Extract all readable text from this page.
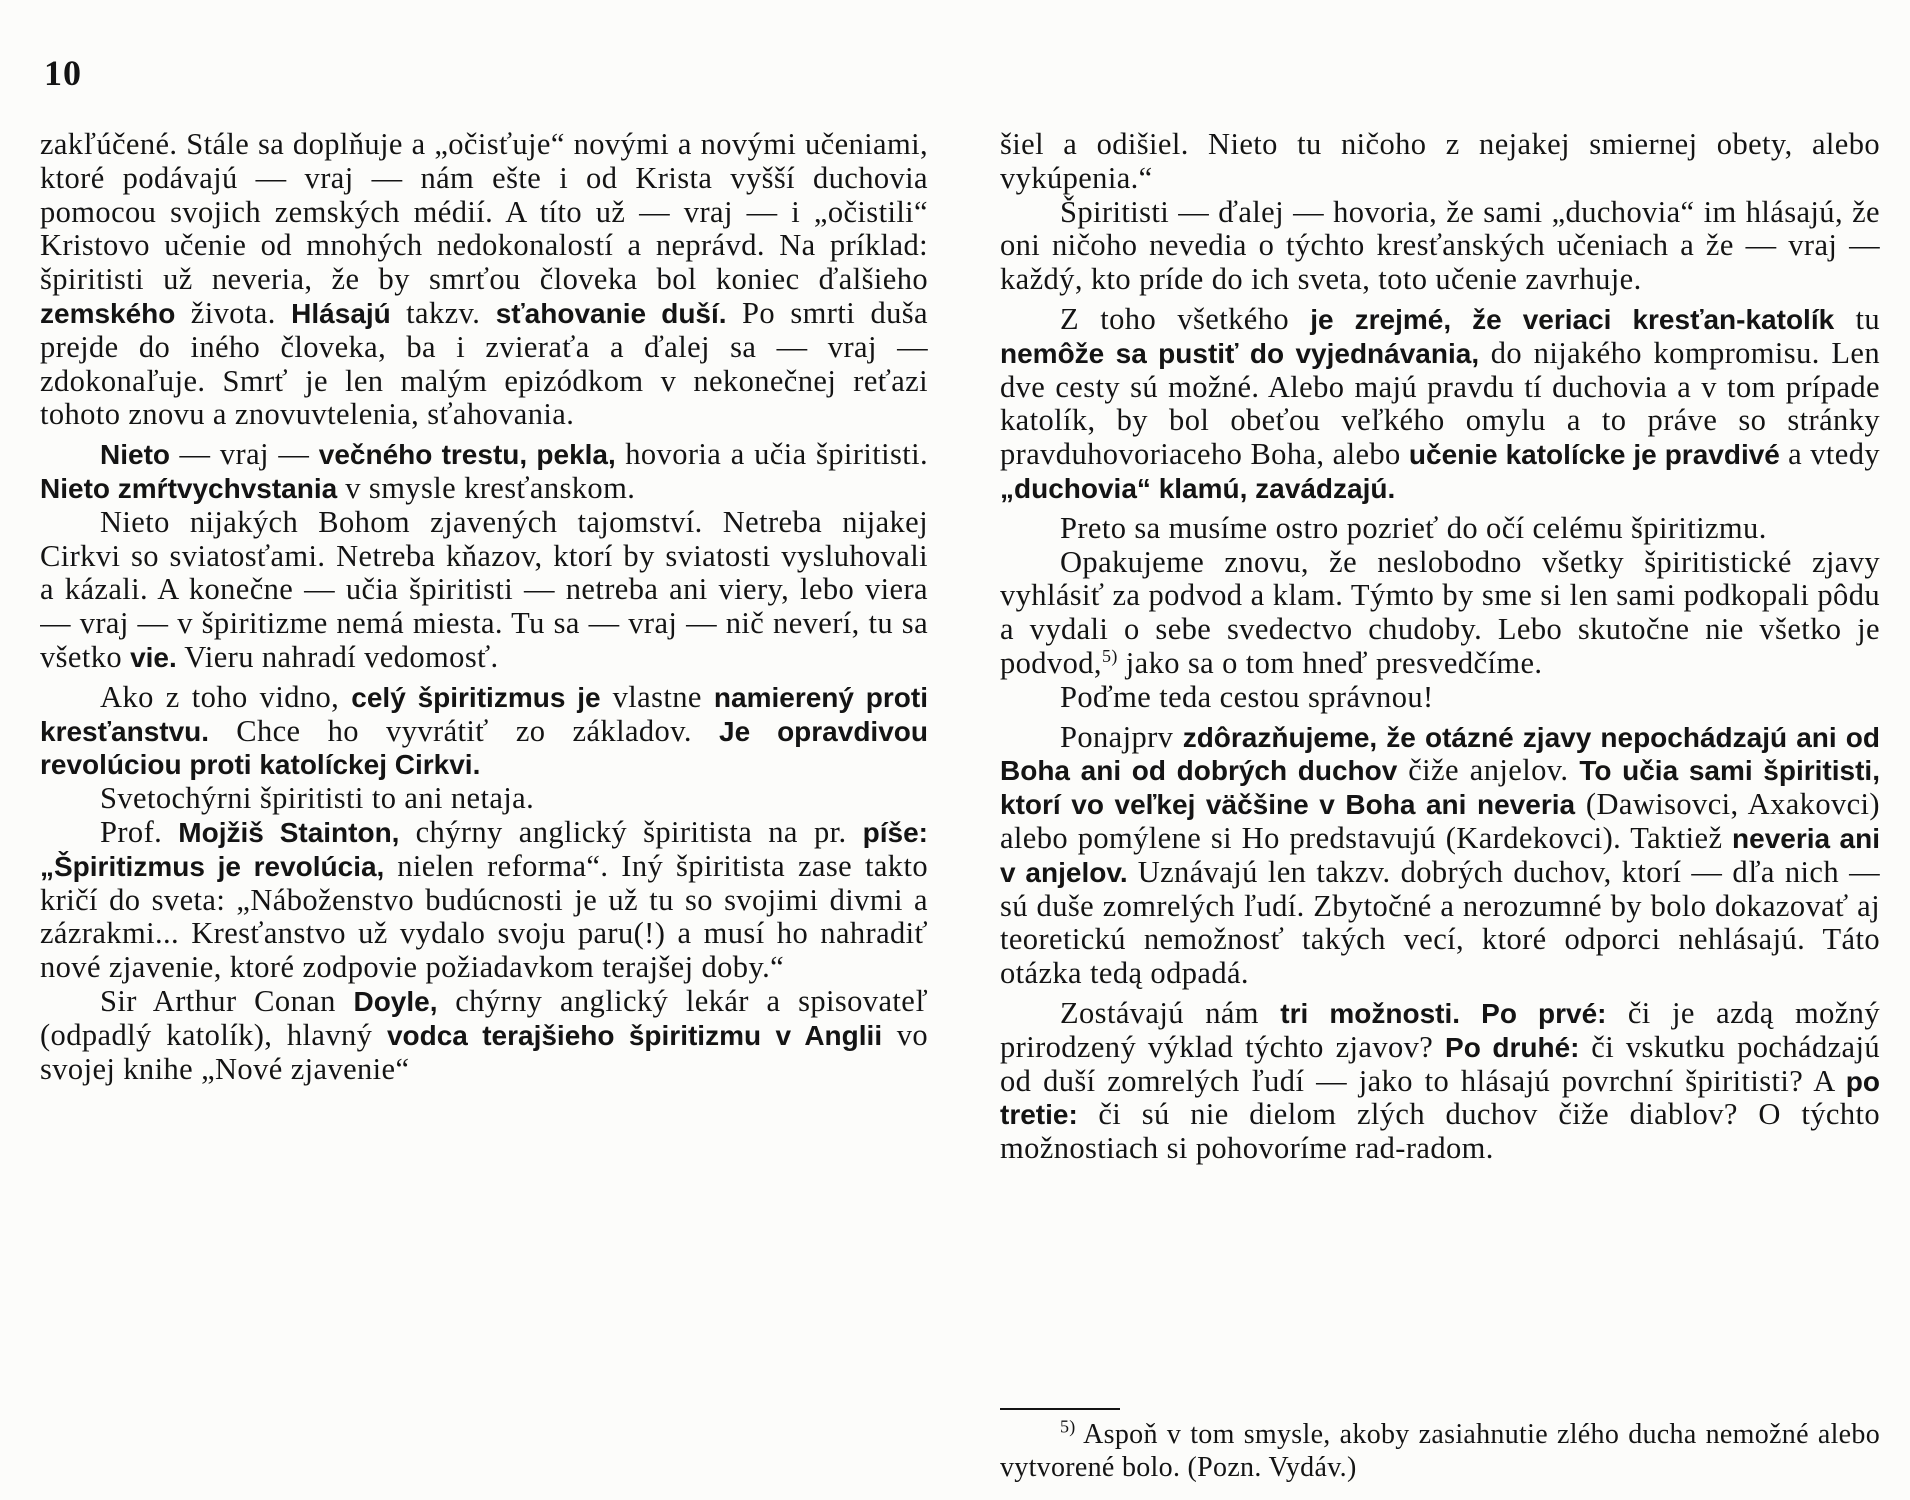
10

zakľúčené. Stále sa doplňuje a „očisťuje“ novými a novými učeniami, ktoré podávajú — vraj — nám ešte i od Krista vyšší duchovia pomocou svojich zemských médií. A títo už — vraj — i „očistili“ Kristovo učenie od mnohých nedokonalostí a neprávd. Na príklad: špiritisti už neveria, že by smrťou človeka bol koniec ďalšieho zemského života. Hlásajú takzv. sťahovanie duší. Po smrti duša prejde do iného človeka, ba i zvieraťa a ďalej sa — vraj — zdokonaľuje. Smrť je len malým epizódkom v nekonečnej reťazi tohoto znovu a znovuvtelenia, sťahovania.

Nieto — vraj — večného trestu, pekla, hovoria a učia špiritisti. Nieto zmŕtvychvstania v smysle kresťanskom.

Nieto nijakých Bohom zjavených tajomství. Netreba nijakej Cirkvi so sviatosťami. Netreba kňazov, ktorí by sviatosti vysluhovali a kázali. A konečne — učia špiritisti — netreba ani viery, lebo viera — vraj — v špiritizme nemá miesta. Tu sa — vraj — nič neverí, tu sa všetko vie. Vieru nahradí vedomosť.

Ako z toho vidno, celý špiritizmus je vlastne namierený proti kresťanstvu. Chce ho vyvrátiť zo základov. Je opravdivou revolúciou proti katolíckej Cirkvi.

Svetochýrni špiritisti to ani netaja.

Prof. Mojžiš Stainton, chýrny anglický špiritista na pr. píše: „Špiritizmus je revolúcia, nielen reforma“. Iný špiritista zase takto kričí do sveta: „Náboženstvo budúcnosti je už tu so svojimi divmi a zázrakmi... Kresťanstvo už vydalo svoju paru(!) a musí ho nahradiť nové zjavenie, ktoré zodpovie požiadavkom terajšej doby.“

Sir Arthur Conan Doyle, chýrny anglický lekár a spisovateľ (odpadlý katolík), hlavný vodca terajšieho špiritizmu v Anglii vo svojej knihe „Nové zjavenie“

šiel a odišiel. Nieto tu ničoho z nejakej smiernej obety, alebo vykúpenia.“

Špiritisti — ďalej — hovoria, že sami „duchovia“ im hlásajú, že oni ničoho nevedia o týchto kresťanských učeniach a že — vraj — každý, kto príde do ich sveta, toto učenie zavrhuje.

Z toho všetkého je zrejmé, že veriaci kresťan-katolík tu nemôže sa pustiť do vyjednávania, do nijakého kompromisu. Len dve cesty sú možné. Alebo majú pravdu tí duchovia a v tom prípade katolík, by bol obeťou veľkého omylu a to práve so stránky pravduhovoriaceho Boha, alebo učenie katolícke je pravdivé a vtedy „duchovia“ klamú, zavádzajú.

Preto sa musíme ostro pozrieť do očí celému špiritizmu.

Opakujeme znovu, že neslobodno všetky špiritistické zjavy vyhlásiť za podvod a klam. Týmto by sme si len sami podkopali pôdu a vydali o sebe svedectvo chudoby. Lebo skutočne nie všetko je podvod,$^{5)}$ jako sa o tom hneď presvedčíme.

Poďme teda cestou správnou!

Ponajprv zdôrazňujeme, že otázné zjavy nepochádzajú ani od Boha ani od dobrých duchov čiže anjelov. To učia sami špiritisti, ktorí vo veľkej väčšine v Boha ani neveria (Dawisovci, Axakovci) alebo pomýlene si Ho predstavujú (Kardekovci). Taktiež neveria ani v anjelov. Uznávajú len takzv. dobrých duchov, ktorí — dľa nich — sú duše zomrelých ľudí. Zbytočné a nerozumné by bolo dokazovať aj teoretickú nemožnosť takých vecí, ktoré odporci nehlásajú. Táto otázka tedą odpadá.

Zostávajú nám tri možnosti. Po prvé: či je azdą možný prirodzený výklad týchto zjavov? Po druhé: či vskutku pochádzajú od duší zomrelých ľudí — jako to hlásajú povrchní špiritisti? A po tretie: či sú nie dielom zlých duchov čiže diablov? O týchto možnostiach si pohovoríme rad-radom.

$^{5)}$ Aspoň v tom smysle, akoby zasiahnutie zlého ducha nemožné alebo vytvorené bolo. (Pozn. Vydáv.)
